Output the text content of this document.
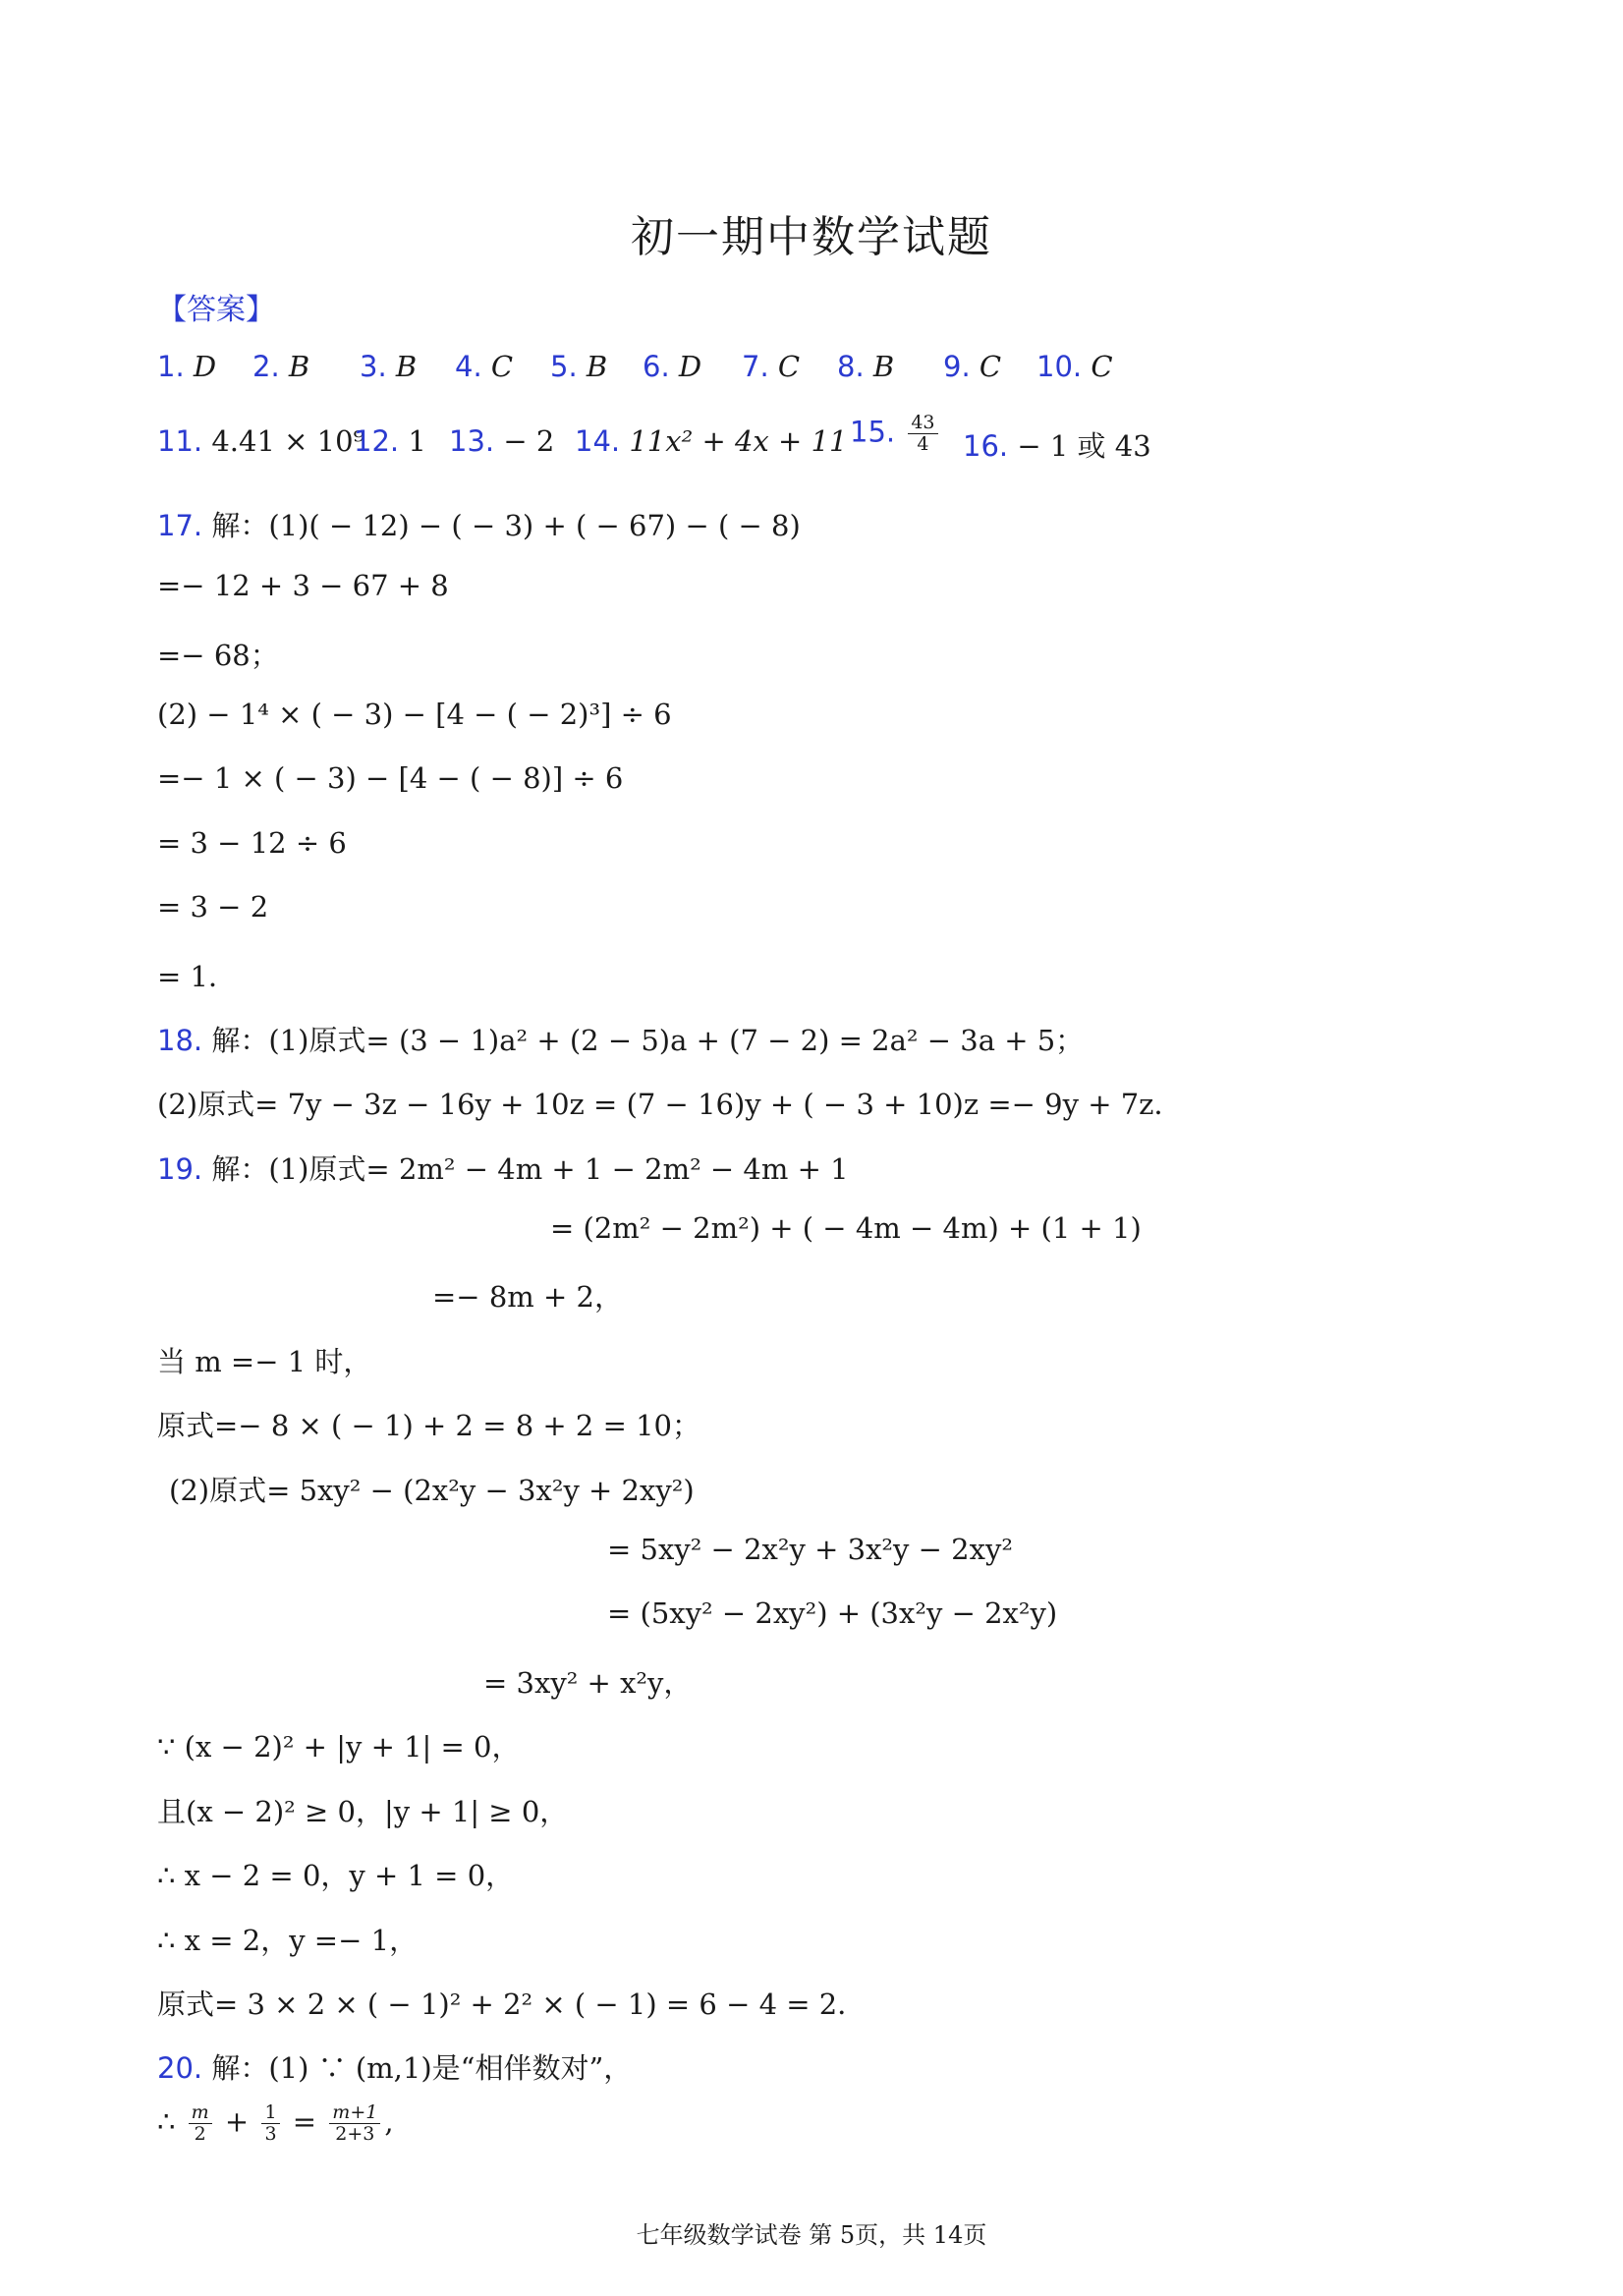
初一期中数学试题
【答案】
1. D 2. B 3. B 4. C 5. B 6. D 7. C 8. B 9. C 10. C
11. 4.41 × 10⁹
12. 1 13. − 2 14. 11x² + 4x + 11 15. $\frac{43}{4} 16$. − 1 或 43
17. 解：(1)( − 12) − ( − 3) + ( − 67) − ( − 8)
=− 12 + 3 − 67 + 8
=− 68；
(2) − 1⁴ × ( − 3) − [4 − ( − 2)³] ÷ 6
=− 1 × ( − 3) − [4 − ( − 8)] ÷ 6
= 3 − 12 ÷ 6
= 3 − 2
= 1．
18. 解：(1)原式= (3 − 1)a² + (2 − 5)a + (7 − 2) = 2a² − 3a + 5；
(2)原式= 7y − 3z − 16y + 10z = (7 − 16)y + ( − 3 + 10)z =− 9y + 7z．
19. 解：(1)原式= 2m² − 4m + 1 − 2m² − 4m + 1
= (2m² − 2m²) + ( − 4m − 4m) + (1 + 1)
=− 8m + 2，
当 m =− 1 时，
原式=− 8 × ( − 1) + 2 = 8 + 2 = 10；
(2)原式= 5xy² − (2x²y − 3x²y + 2xy²)
= 5xy² − 2x²y + 3x²y − 2xy²
= (5xy² − 2xy²) + (3x²y − 2x²y)
= 3xy² + x²y，
∵ (x − 2)² + |y + 1| = 0，
且(x − 2)² ≥ 0，|y + 1| ≥ 0，
∴ x − 2 = 0，y + 1 = 0，
∴ x = 2，y =− 1，
原式= 3 × 2 × ( − 1)² + 2² × ( − 1) = 6 − 4 = 2．
20. 解：(1) ∵ (m,1)是“相伴数对”，
∴ $\frac{m}{2} + \frac{1}{3} = \frac{m+1}{2+3}$ ,
七年级数学试卷 第 5页，共 14页
